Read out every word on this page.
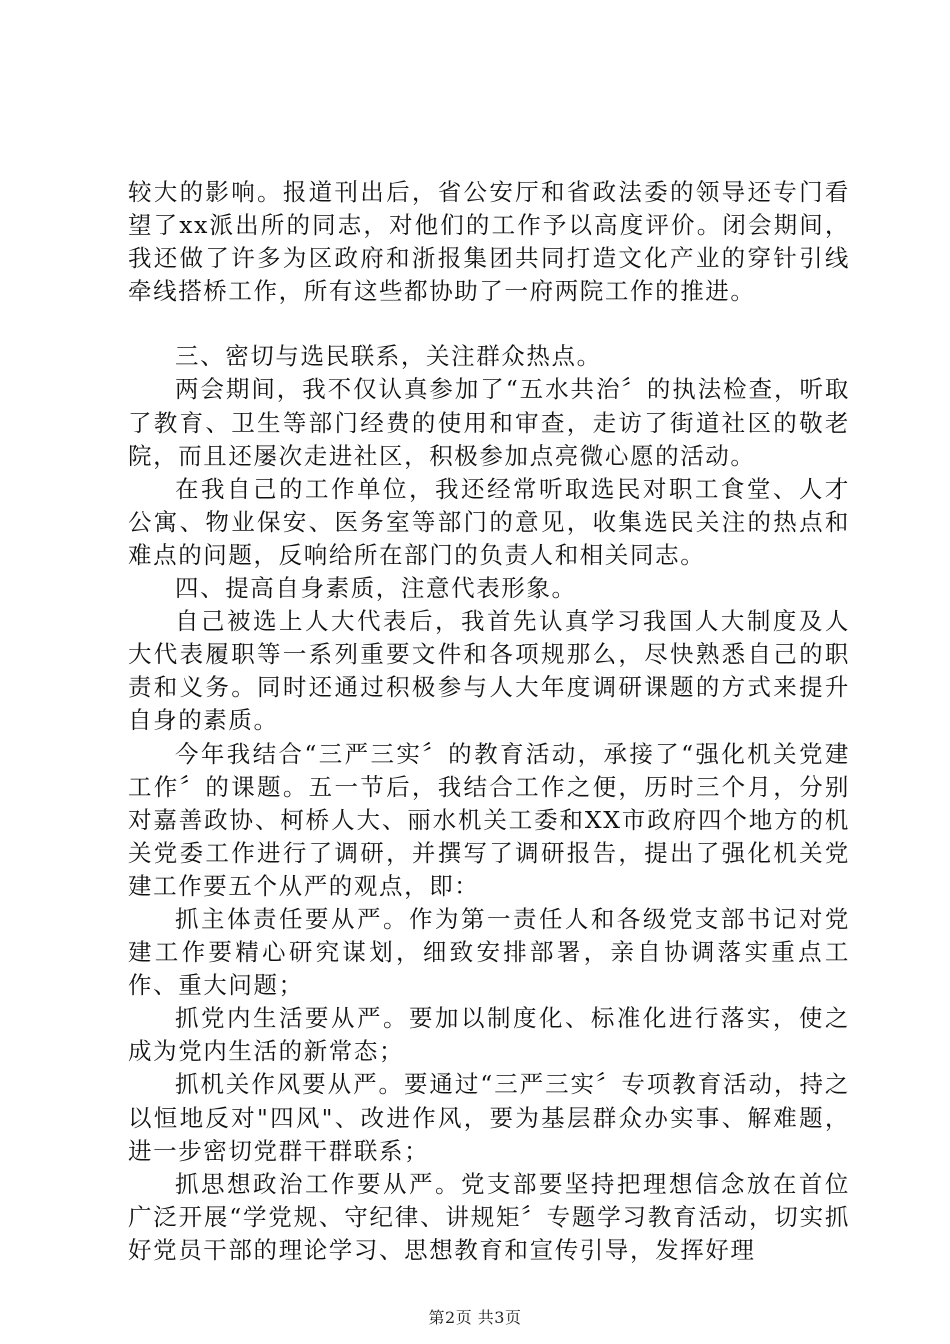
较大的影响。报道刊出后，省公安厅和省政法委的领导还专门看望了xx派出所的同志，对他们的工作予以高度评价。闭会期间，我还做了许多为区政府和浙报集团共同打造文化产业的穿针引线牵线搭桥工作，所有这些都协助了一府两院工作的推进。

三、密切与选民联系，关注群众热点。

两会期间，我不仅认真参加了“五水共治〞的执法检查，听取了教育、卫生等部门经费的使用和审查，走访了街道社区的敬老院，而且还屡次走进社区，积极参加点亮微心愿的活动。

在我自己的工作单位，我还经常听取选民对职工食堂、人才公寓、物业保安、医务室等部门的意见，收集选民关注的热点和难点的问题，反响给所在部门的负责人和相关同志。

四、提高自身素质，注意代表形象。

自己被选上人大代表后，我首先认真学习我国人大制度及人大代表履职等一系列重要文件和各项规那么，尽快熟悉自己的职责和义务。同时还通过积极参与人大年度调研课题的方式来提升自身的素质。

今年我结合“三严三实〞的教育活动，承接了“强化机关党建工作〞的课题。五一节后，我结合工作之便，历时三个月，分别对嘉善政协、柯桥人大、丽水机关工委和XX市政府四个地方的机关党委工作进行了调研，并撰写了调研报告，提出了强化机关党建工作要五个从严的观点，即：

抓主体责任要从严。作为第一责任人和各级党支部书记对党建工作要精心研究谋划，细致安排部署，亲自协调落实重点工作、重大问题；

抓党内生活要从严。要加以制度化、标准化进行落实，使之成为党内生活的新常态；

抓机关作风要从严。要通过“三严三实〞专项教育活动，持之以恒地反对"四风"、改进作风，要为基层群众办实事、解难题，进一步密切党群干群联系；

抓思想政治工作要从严。党支部要坚持把理想信念放在首位广泛开展“学党规、守纪律、讲规矩〞专题学习教育活动，切实抓好党员干部的理论学习、思想教育和宣传引导，发挥好理

第2页 共3页
